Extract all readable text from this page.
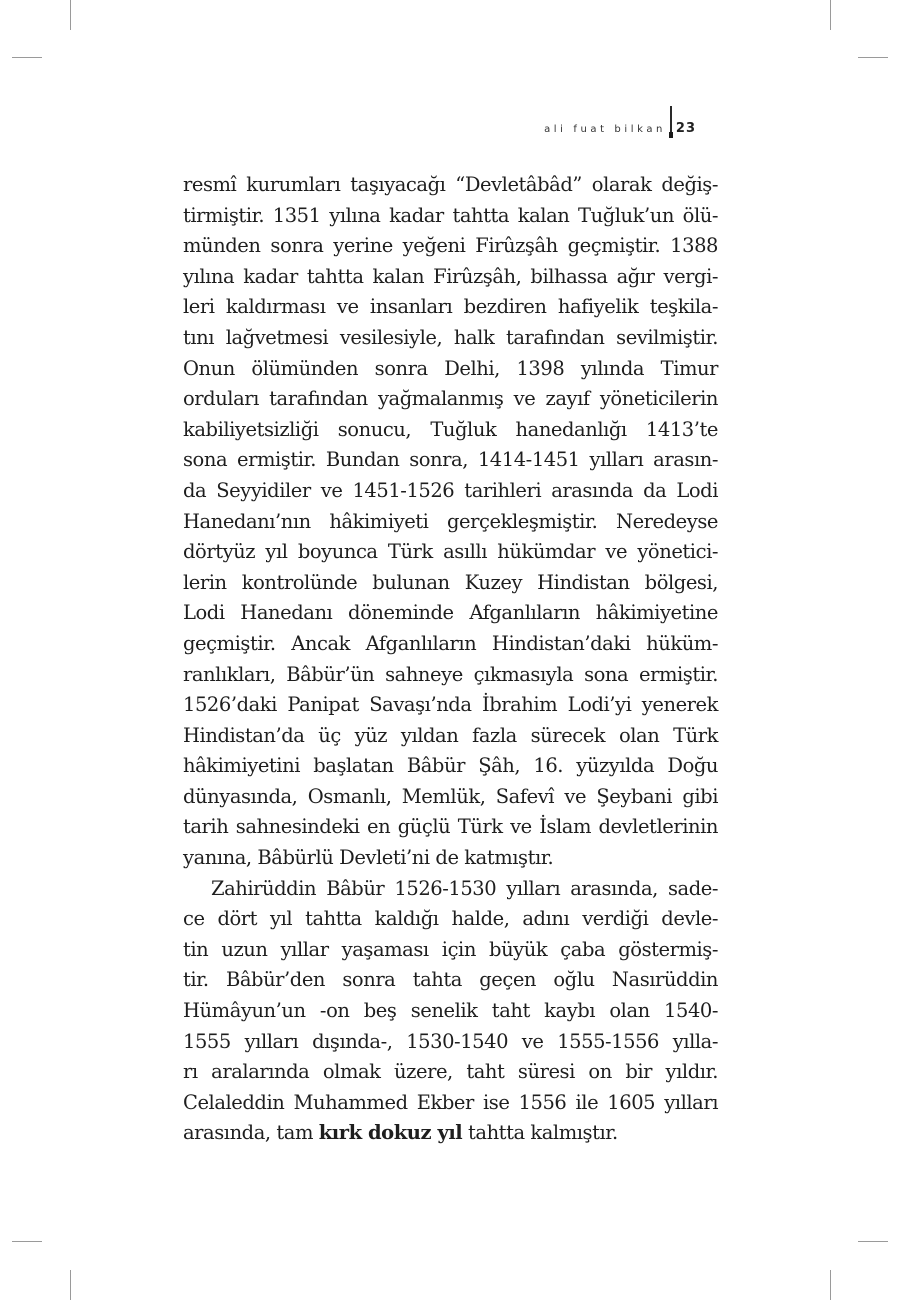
ali fuat bilkan 23
resmî kurumları taşıyacağı “Devletâbâd” olarak değiş-
tirmiştir. 1351 yılına kadar tahtta kalan Tuğluk’un ölü-
münden sonra yerine yeğeni Firûzşâh geçmiştir. 1388
yılına kadar tahtta kalan Firûzşâh, bilhassa ağır vergi-
leri kaldırması ve insanları bezdiren hafiyelik teşkila-
tını lağvetmesi vesilesiyle, halk tarafından sevilmiştir.
Onun ölümünden sonra Delhi, 1398 yılında Timur
orduları tarafından yağmalanmış ve zayıf yöneticilerin
kabiliyetsizliği sonucu, Tuğluk hanedanlığı 1413’te
sona ermiştir. Bundan sonra, 1414-1451 yılları arasın-
da Seyyidiler ve 1451-1526 tarihleri arasında da Lodi
Hanedanı’nın hâkimiyeti gerçekleşmiştir. Neredeyse
dörtyüz yıl boyunca Türk asıllı hükümdar ve yönetici-
lerin kontrolünde bulunan Kuzey Hindistan bölgesi,
Lodi Hanedanı döneminde Afganlıların hâkimiyetine
geçmiştir. Ancak Afganlıların Hindistan’daki hüküm-
ranlıkları, Bâbür’ün sahneye çıkmasıyla sona ermiştir.
1526’daki Panipat Savaşı’nda İbrahim Lodi’yi yenerek
Hindistan’da üç yüz yıldan fazla sürecek olan Türk
hâkimiyetini başlatan Bâbür Şâh, 16. yüzyılda Doğu
dünyasında, Osmanlı, Memlük, Safevî ve Şeybani gibi
tarih sahnesindeki en güçlü Türk ve İslam devletlerinin
yanına, Bâbürlü Devleti’ni de katmıştır.
Zahirüddin Bâbür 1526-1530 yılları arasında, sade-
ce dört yıl tahtta kaldığı halde, adını verdiği devle-
tin uzun yıllar yaşaması için büyük çaba göstermiş-
tir. Bâbür’den sonra tahta geçen oğlu Nasırüddin
Hümâyun’un -on beş senelik taht kaybı olan 1540-
1555 yılları dışında-, 1530-1540 ve 1555-1556 yılla-
rı aralarında olmak üzere, taht süresi on bir yıldır.
Celaleddin Muhammed Ekber ise 1556 ile 1605 yılları
arasında, tam kırk dokuz yıl tahtta kalmıştır.
